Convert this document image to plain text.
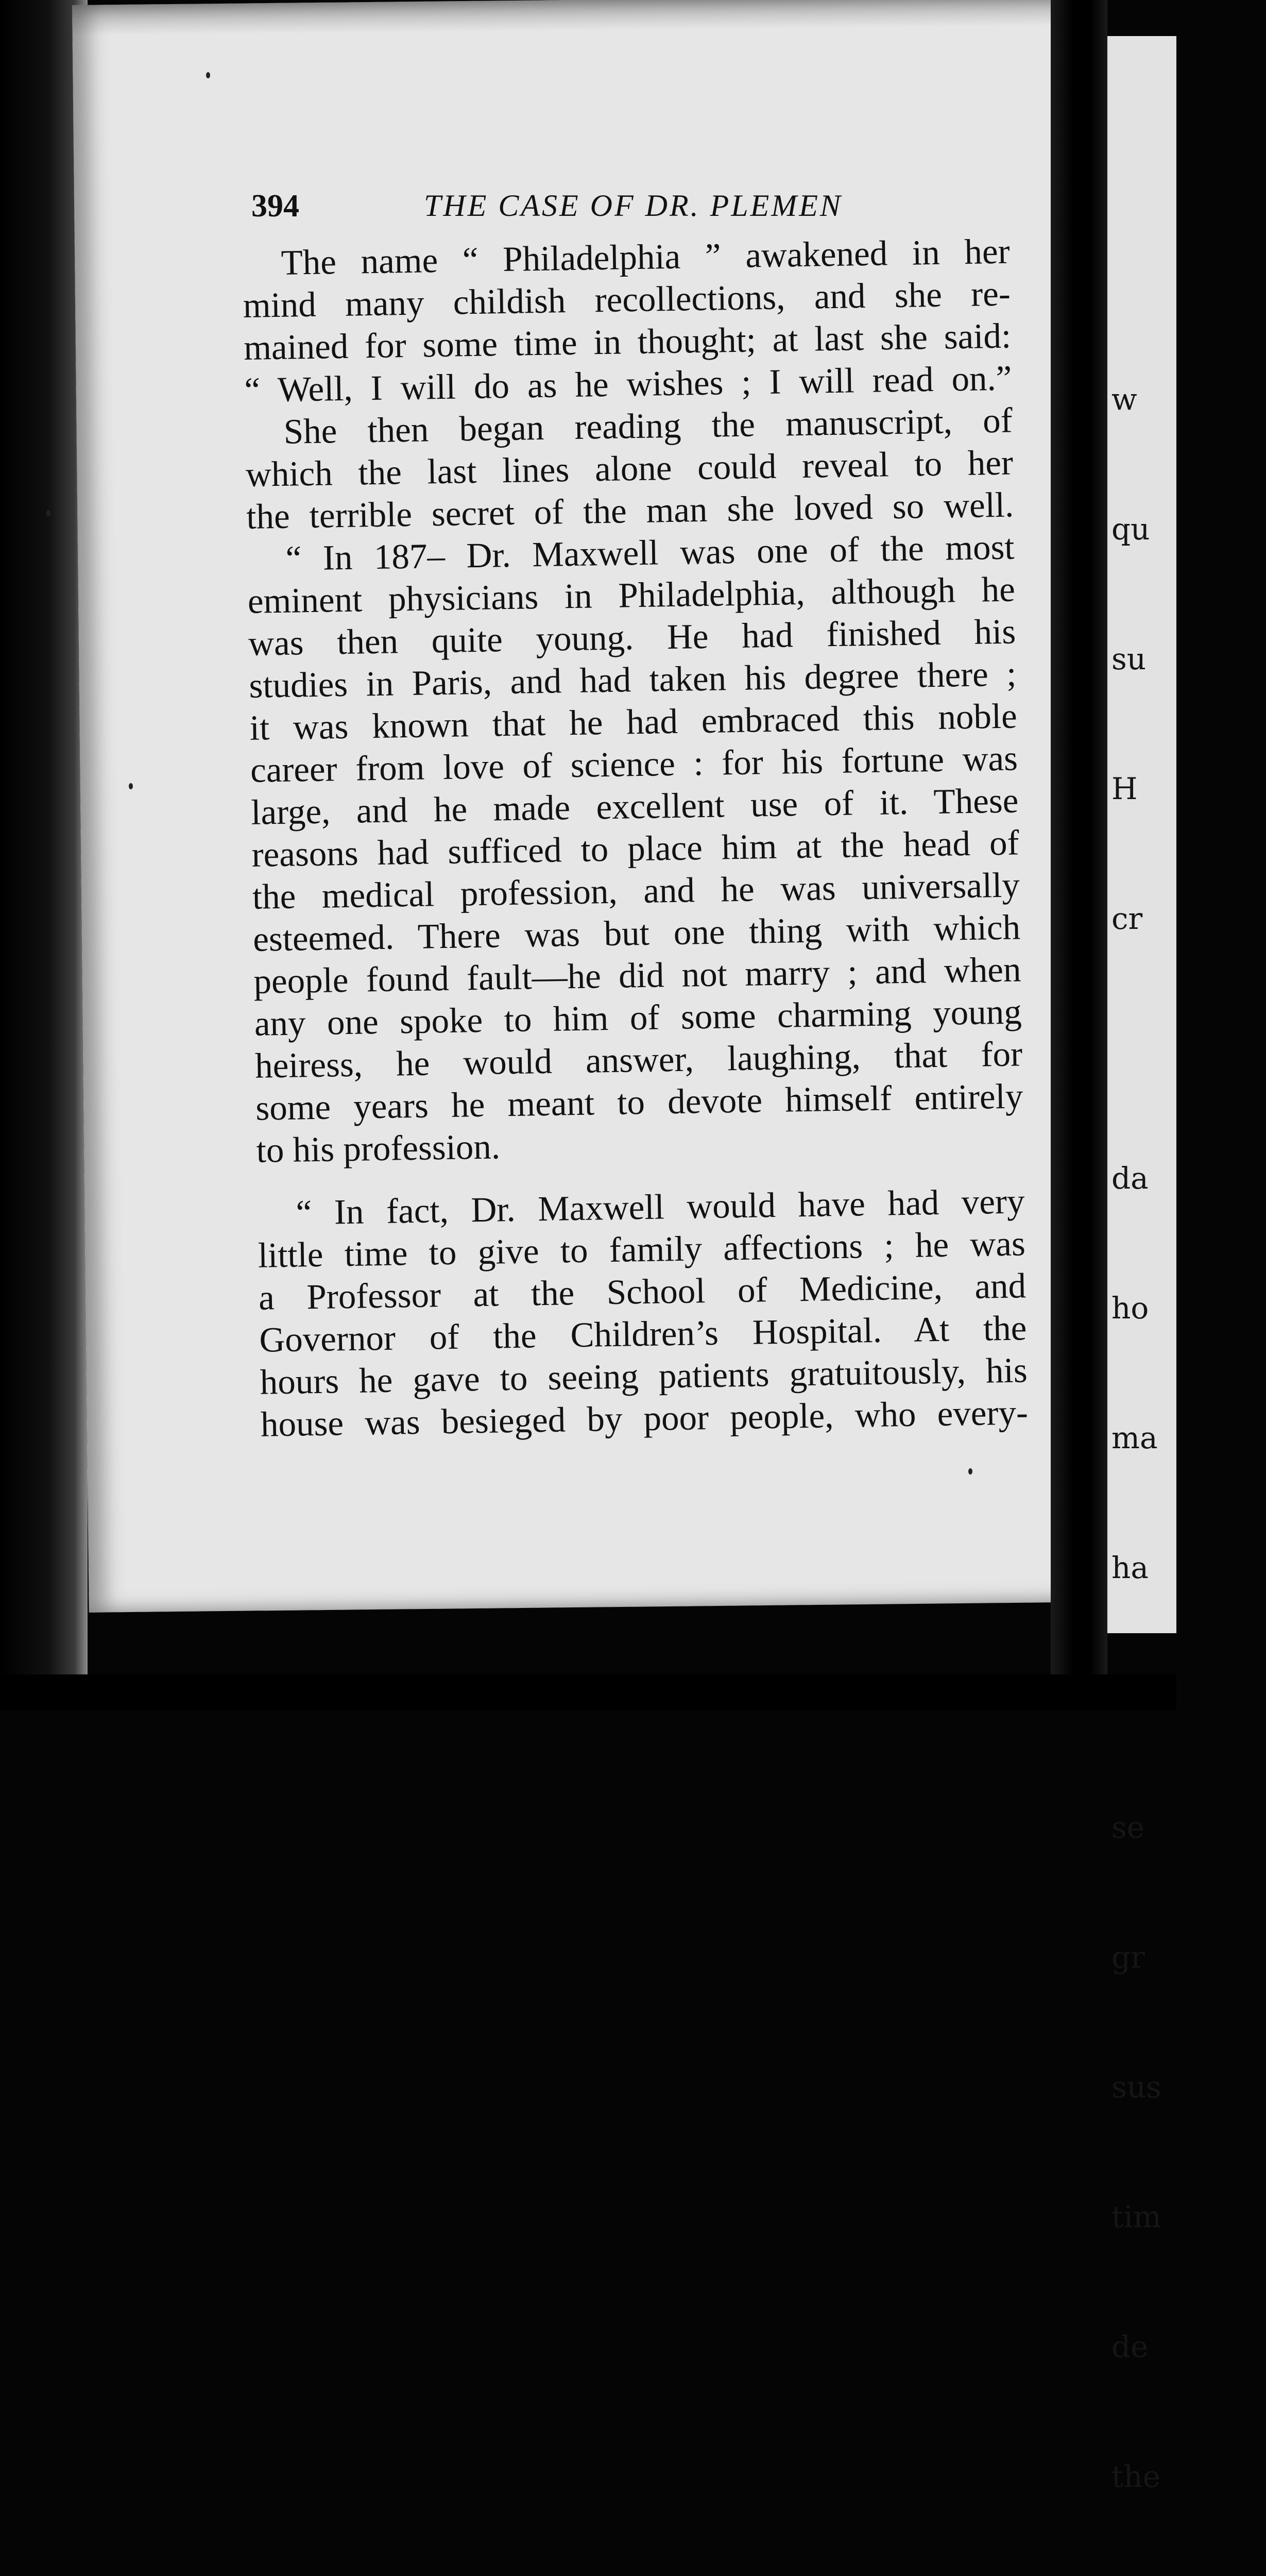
394	THE CASE OF DR. PLEMEN
The name “ Philadelphia ” awakened in her
mind many childish recollections, and she re-
mained for some time in thought; at last she said:
“ Well, I will do as he wishes ; I will read on.”
She then began reading the manuscript, of
which the last lines alone could reveal to her
the terrible secret of the man she loved so well.
“ In 187– Dr. Maxwell was one of the most
eminent physicians in Philadelphia, although he
was then quite young. He had finished his
studies in Paris, and had taken his degree there ;
it was known that he had embraced this noble
career from love of science : for his fortune was
large, and he made excellent use of it. These
reasons had sufficed to place him at the head of
the medical profession, and he was universally
esteemed. There was but one thing with which
people found fault—he did not marry ; and when
any one spoke to him of some charming young
heiress, he would answer, laughing, that for
some years he meant to devote himself entirely
to his profession.
“ In fact, Dr. Maxwell would have had very
little time to give to family affections ; he was
a Professor at the School of Medicine, and
Governor of the Children’s Hospital. At the
hours he gave to seeing patients gratuitously, his
house was besieged by poor people, who every-

w

qu

su

H

cr

da

ho

ma

ha

se

gr

sus

tim

de

the
